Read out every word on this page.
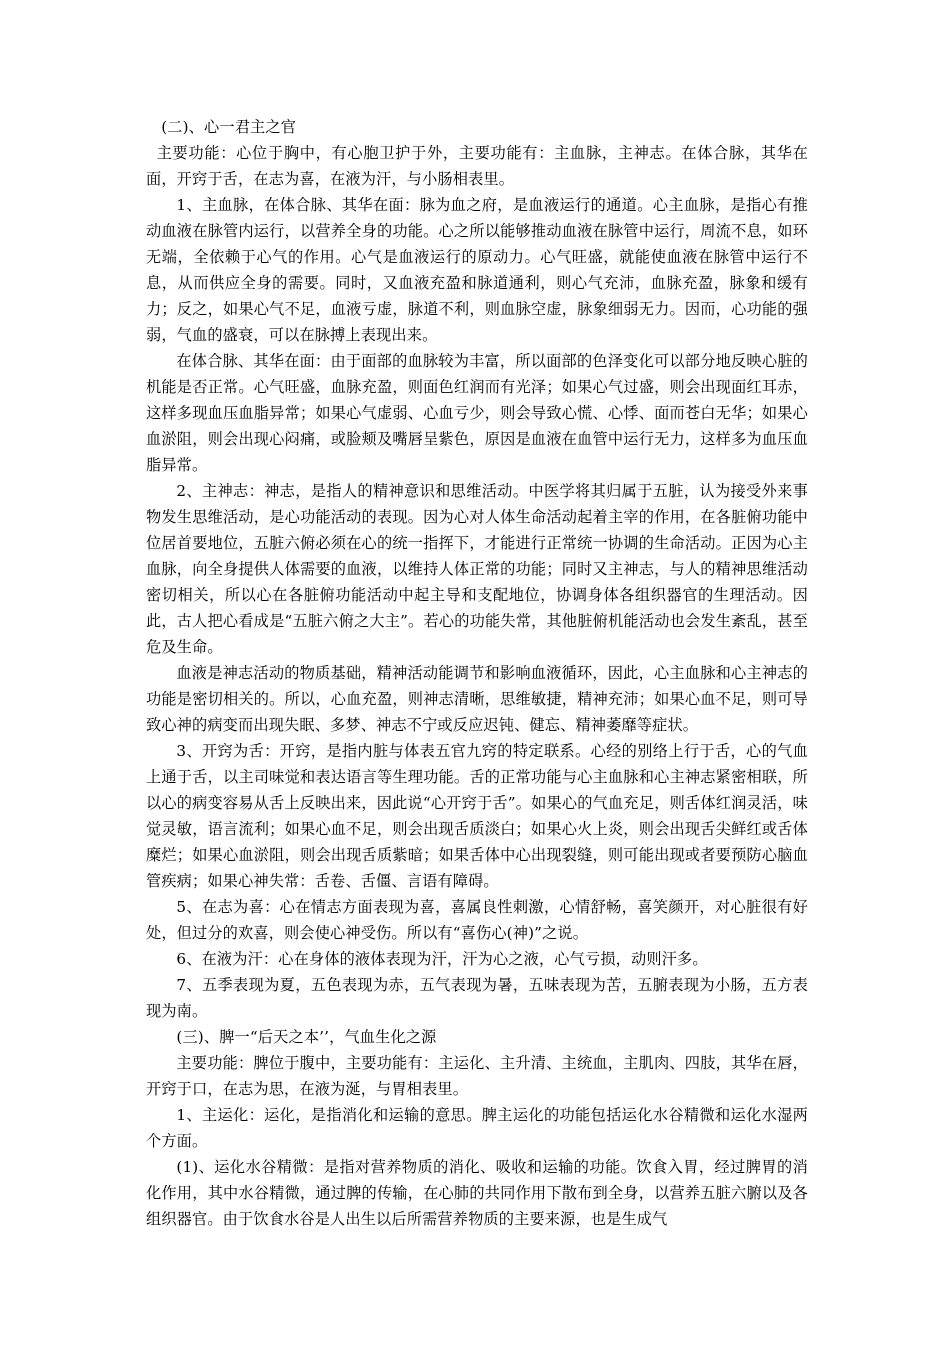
(二)、心一君主之官

主要功能：心位于胸中，有心胞卫护于外，主要功能有：主血脉，主神志。在体合脉，其华在面，开窍于舌，在志为喜，在液为汗，与小肠相表里。

1、主血脉，在体合脉、其华在面：脉为血之府，是血液运行的通道。心主血脉，是指心有推动血液在脉管内运行，以营养全身的功能。心之所以能够推动血液在脉管中运行，周流不息，如环无端，全依赖于心气的作用。心气是血液运行的原动力。心气旺盛，就能使血液在脉管中运行不息，从而供应全身的需要。同时，又血液充盈和脉道通利，则心气充沛，血脉充盈，脉象和缓有力；反之，如果心气不足，血液亏虚，脉道不利，则血脉空虚，脉象细弱无力。因而，心功能的强弱，气血的盛衰，可以在脉搏上表现出来。

在体合脉、其华在面：由于面部的血脉较为丰富，所以面部的色泽变化可以部分地反映心脏的机能是否正常。心气旺盛，血脉充盈，则面色红润而有光泽；如果心气过盛，则会出现面红耳赤，这样多现血压血脂异常；如果心气虚弱、心血亏少，则会导致心慌、心悸、面而苍白无华；如果心血淤阻，则会出现心闷痛，或脸颊及嘴唇呈紫色，原因是血液在血管中运行无力，这样多为血压血脂异常。

2、主神志：神志，是指人的精神意识和思维活动。中医学将其归属于五脏，认为接受外来事物发生思维活动，是心功能活动的表现。因为心对人体生命活动起着主宰的作用，在各脏俯功能中位居首要地位，五脏六俯必须在心的统一指挥下，才能进行正常统一协调的生命活动。正因为心主血脉，向全身提供人体需要的血液，以维持人体正常的功能；同时又主神志，与人的精神思维活动密切相关，所以心在各脏俯功能活动中起主导和支配地位，协调身体各组织器官的生理活动。因此，古人把心看成是“五脏六俯之大主”。若心的功能失常，其他脏俯机能活动也会发生紊乱，甚至危及生命。

血液是神志活动的物质基础，精神活动能调节和影响血液循环，因此，心主血脉和心主神志的功能是密切相关的。所以，心血充盈，则神志清晰，思维敏捷，精神充沛；如果心血不足，则可导致心神的病变而出现失眠、多梦、神志不宁或反应迟钝、健忘、精神萎靡等症状。

3、开窍为舌：开窍，是指内脏与体表五官九窍的特定联系。心经的别络上行于舌，心的气血上通于舌，以主司味觉和表达语言等生理功能。舌的正常功能与心主血脉和心主神志紧密相联，所以心的病变容易从舌上反映出来，因此说“心开窍于舌”。如果心的气血充足，则舌体红润灵活，味觉灵敏，语言流利；如果心血不足，则会出现舌质淡白；如果心火上炎，则会出现舌尖鲜红或舌体糜烂；如果心血淤阻，则会出现舌质紫暗；如果舌体中心出现裂缝，则可能出现或者要预防心脑血管疾病；如果心神失常：舌卷、舌僵、言语有障碍。

5、在志为喜：心在情志方面表现为喜，喜属良性刺激，心情舒畅，喜笑颜开，对心脏很有好处，但过分的欢喜，则会使心神受伤。所以有“喜伤心(神)”之说。

6、在液为汗：心在身体的液体表现为汗，汗为心之液，心气亏损，动则汗多。

7、五季表现为夏，五色表现为赤，五气表现为暑，五味表现为苦，五腑表现为小肠，五方表现为南。

(三)、脾一“后天之本’’，气血生化之源

主要功能：脾位于腹中，主要功能有：主运化、主升清、主统血，主肌肉、四肢，其华在唇，开窍于口，在志为思，在液为涎，与胃相表里。

1、主运化：运化，是指消化和运输的意思。脾主运化的功能包括运化水谷精微和运化水湿两个方面。

(1)、运化水谷精微：是指对营养物质的消化、吸收和运输的功能。饮食入胃，经过脾胃的消化作用，其中水谷精微，通过脾的传输，在心肺的共同作用下散布到全身，以营养五脏六腑以及各组织器官。由于饮食水谷是人出生以后所需营养物质的主要来源，也是生成气
